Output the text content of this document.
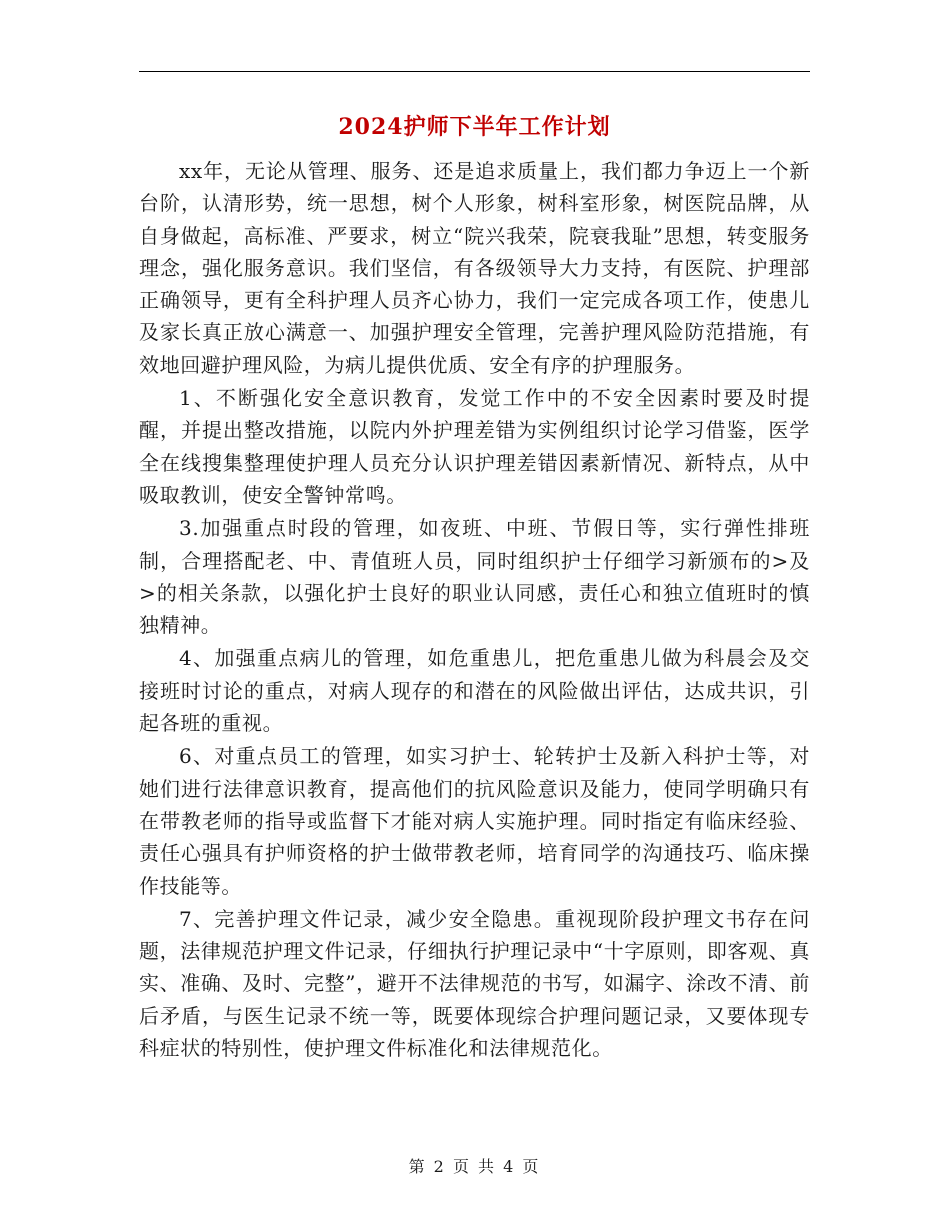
2024护师下半年工作计划

xx年，无论从管理、服务、还是追求质量上，我们都力争迈上一个新台阶，认清形势，统一思想，树个人形象，树科室形象，树医院品牌，从自身做起，高标准、严要求，树立“院兴我荣，院衰我耻”思想，转变服务理念，强化服务意识。我们坚信，有各级领导大力支持，有医院、护理部正确领导，更有全科护理人员齐心协力，我们一定完成各项工作，使患儿及家长真正放心满意一、加强护理安全管理，完善护理风险防范措施，有效地回避护理风险，为病儿提供优质、安全有序的护理服务。

1、不断强化安全意识教育，发觉工作中的不安全因素时要及时提醒，并提出整改措施，以院内外护理差错为实例组织讨论学习借鉴，医学全在线搜集整理使护理人员充分认识护理差错因素新情况、新特点，从中吸取教训，使安全警钟常鸣。

3.加强重点时段的管理，如夜班、中班、节假日等，实行弹性排班制，合理搭配老、中、青值班人员，同时组织护士仔细学习新颁布的>及>的相关条款，以强化护士良好的职业认同感，责任心和独立值班时的慎独精神。

4、加强重点病儿的管理，如危重患儿，把危重患儿做为科晨会及交接班时讨论的重点，对病人现存的和潜在的风险做出评估，达成共识，引起各班的重视。

6、对重点员工的管理，如实习护士、轮转护士及新入科护士等，对她们进行法律意识教育，提高他们的抗风险意识及能力，使同学明确只有在带教老师的指导或监督下才能对病人实施护理。同时指定有临床经验、责任心强具有护师资格的护士做带教老师，培育同学的沟通技巧、临床操作技能等。

7、完善护理文件记录，减少安全隐患。重视现阶段护理文书存在问题，法律规范护理文件记录，仔细执行护理记录中“十字原则，即客观、真实、准确、及时、完整”，避开不法律规范的书写，如漏字、涂改不清、前后矛盾，与医生记录不统一等，既要体现综合护理问题记录，又要体现专科症状的特别性，使护理文件标准化和法律规范化。

第 2 页 共 4 页
